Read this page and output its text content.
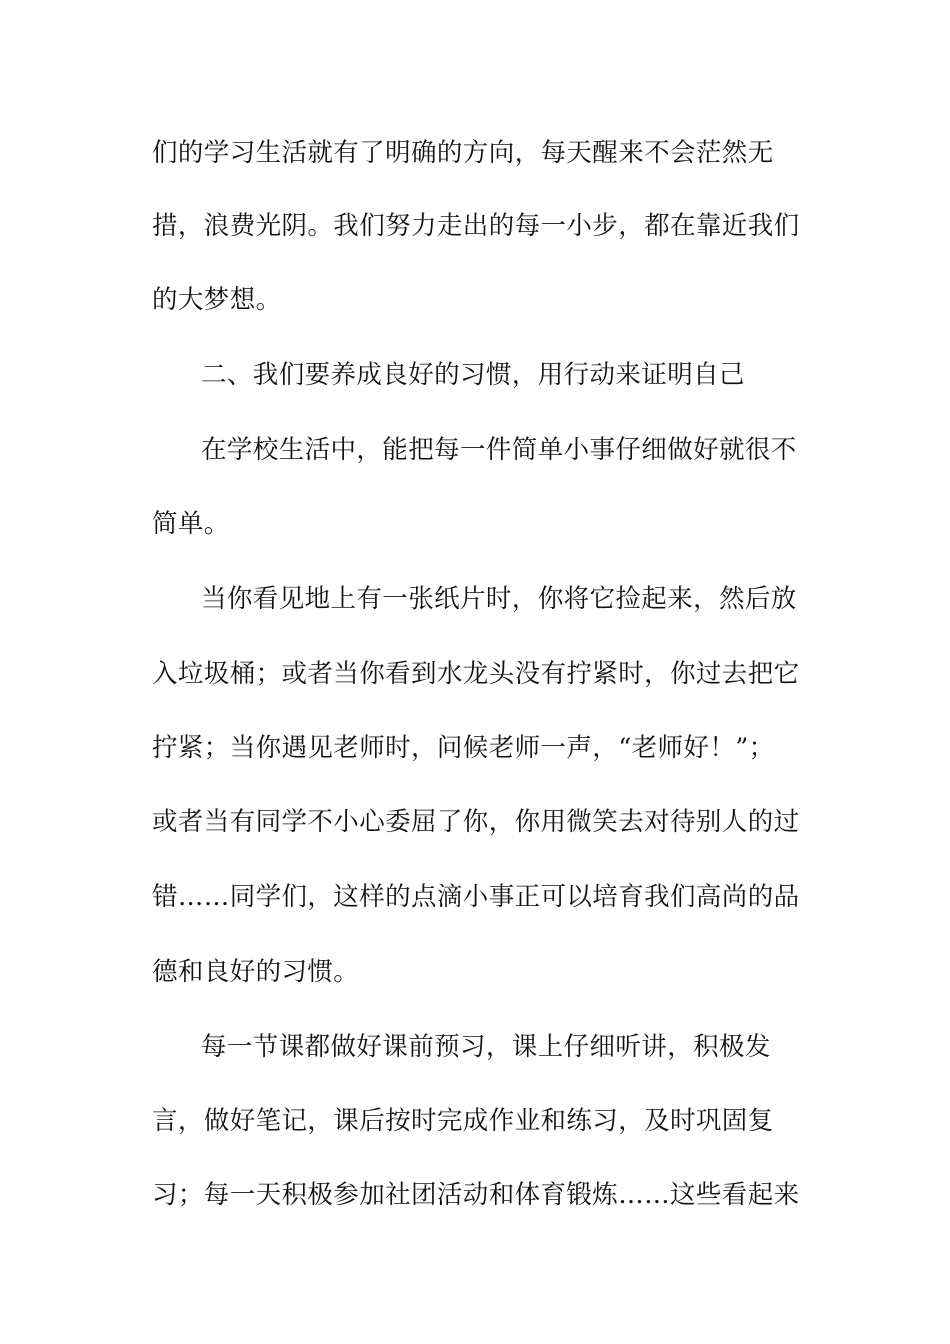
们的学习生活就有了明确的方向，每天醒来不会茫然无
措，浪费光阴。我们努力走出的每一小步，都在靠近我们
的大梦想。
二、我们要养成良好的习惯，用行动来证明自己
在学校生活中，能把每一件简单小事仔细做好就很不
简单。
当你看见地上有一张纸片时，你将它捡起来，然后放
入垃圾桶；或者当你看到水龙头没有拧紧时，你过去把它
拧紧；当你遇见老师时，问候老师一声，“老师好！”；
或者当有同学不小心委屈了你，你用微笑去对待别人的过
错……同学们，这样的点滴小事正可以培育我们高尚的品
德和良好的习惯。
每一节课都做好课前预习，课上仔细听讲，积极发
言，做好笔记，课后按时完成作业和练习，及时巩固复
习；每一天积极参加社团活动和体育锻炼……这些看起来
